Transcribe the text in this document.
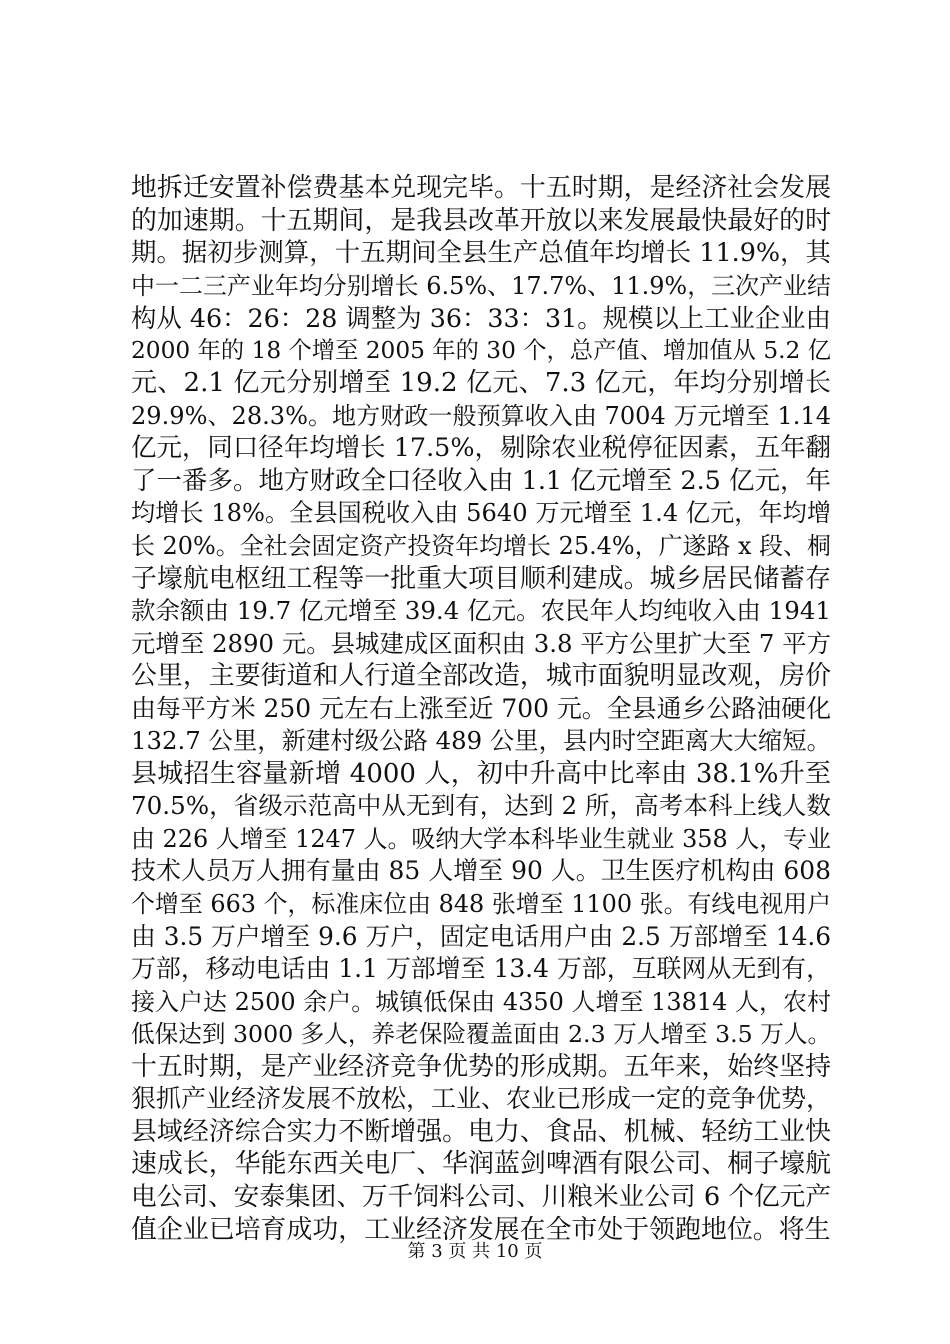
地拆迁安置补偿费基本兑现完毕。十五时期，是经济社会发展
的加速期。十五期间，是我县改革开放以来发展最快最好的时
期。据初步测算，十五期间全县生产总值年均增长 11.9%，其
中一二三产业年均分别增长 6.5%、17.7%、11.9%，三次产业结
构从 46：26：28 调整为 36：33：31。规模以上工业企业由
2000 年的 18 个增至 2005 年的 30 个，总产值、增加值从 5.2 亿
元、2.1 亿元分别增至 19.2 亿元、7.3 亿元，年均分别增长
29.9%、28.3%。地方财政一般预算收入由 7004 万元增至 1.14
亿元，同口径年均增长 17.5%，剔除农业税停征因素，五年翻
了一番多。地方财政全口径收入由 1.1 亿元增至 2.5 亿元，年
均增长 18%。全县国税收入由 5640 万元增至 1.4 亿元，年均增
长 20%。全社会固定资产投资年均增长 25.4%，广遂路 x 段、桐
子壕航电枢纽工程等一批重大项目顺利建成。城乡居民储蓄存
款余额由 19.7 亿元增至 39.4 亿元。农民年人均纯收入由 1941
元增至 2890 元。县城建成区面积由 3.8 平方公里扩大至 7 平方
公里，主要街道和人行道全部改造，城市面貌明显改观，房价
由每平方米 250 元左右上涨至近 700 元。全县通乡公路油硬化
132.7 公里，新建村级公路 489 公里，县内时空距离大大缩短。
县城招生容量新增 4000 人，初中升高中比率由 38.1%升至
70.5%，省级示范高中从无到有，达到 2 所，高考本科上线人数
由 226 人增至 1247 人。吸纳大学本科毕业生就业 358 人，专业
技术人员万人拥有量由 85 人增至 90 人。卫生医疗机构由 608
个增至 663 个，标准床位由 848 张增至 1100 张。有线电视用户
由 3.5 万户增至 9.6 万户，固定电话用户由 2.5 万部增至 14.6
万部，移动电话由 1.1 万部增至 13.4 万部，互联网从无到有，
接入户达 2500 余户。城镇低保由 4350 人增至 13814 人，农村
低保达到 3000 多人，养老保险覆盖面由 2.3 万人增至 3.5 万人。
十五时期，是产业经济竞争优势的形成期。五年来，始终坚持
狠抓产业经济发展不放松，工业、农业已形成一定的竞争优势，
县域经济综合实力不断增强。电力、食品、机械、轻纺工业快
速成长，华能东西关电厂、华润蓝剑啤酒有限公司、桐子壕航
电公司、安泰集团、万千饲料公司、川粮米业公司 6 个亿元产
值企业已培育成功，工业经济发展在全市处于领跑地位。将生
第 3 页 共 10 页
